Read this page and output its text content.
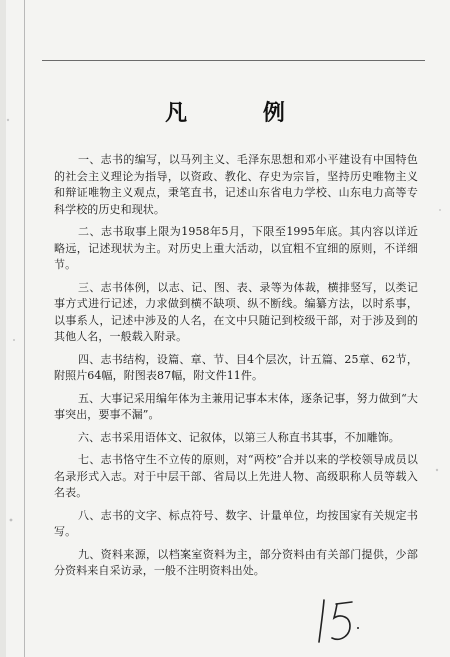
凡 例

一、志书的编写，以马列主义、毛泽东思想和邓小平建设有中国特色的社会主义理论为指导，以资政、教化、存史为宗旨，坚持历史唯物主义和辩证唯物主义观点，秉笔直书，记述山东省电力学校、山东电力高等专科学校的历史和现状。

二、志书取事上限为1958年5月，下限至1995年底。其内容以详近略远，记述现状为主。对历史上重大活动，以宜粗不宜细的原则，不详细节。

三、志书体例，以志、记、图、表、录等为体裁，横排竖写，以类记事方式进行记述，力求做到横不缺项、纵不断线。编纂方法，以时系事，以事系人，记述中涉及的人名，在文中只随记到校级干部，对于涉及到的其他人名，一般载入附录。

四、志书结构，设篇、章、节、目4个层次，计五篇、25章、62节，附照片64幅，附图表87幅，附文件11件。

五、大事记采用编年体为主兼用记事本末体，逐条记事，努力做到“大事突出，要事不漏”。

六、志书采用语体文、记叙体，以第三人称直书其事，不加雕饰。

七、志书恪守生不立传的原则，对“两校”合并以来的学校领导成员以名录形式入志。对于中层干部、省局以上先进人物、高级职称人员等载入名表。

八、志书的文字、标点符号、数字、计量单位，均按国家有关规定书写。

九、资料来源，以档案室资料为主，部分资料由有关部门提供，少部分资料来自采访录，一般不注明资料出处。
